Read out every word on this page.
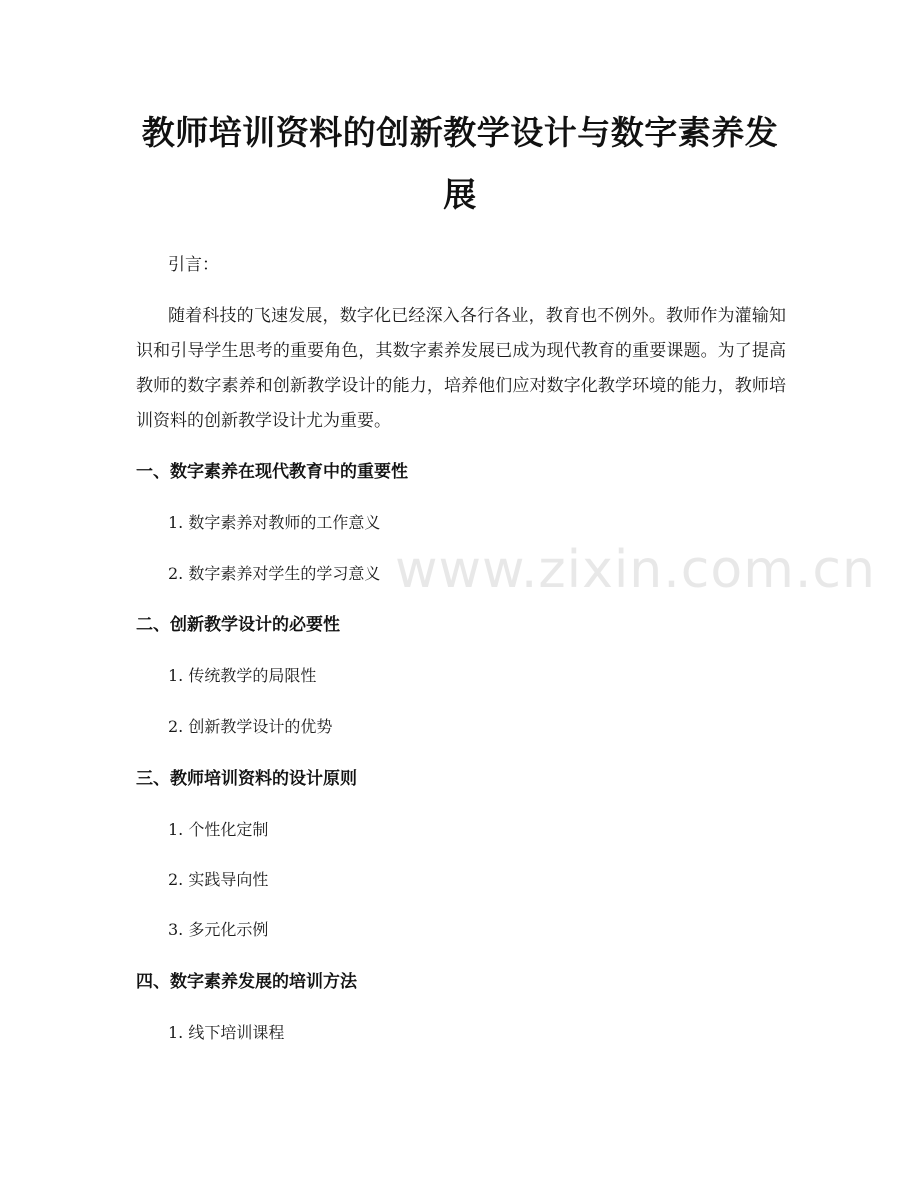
教师培训资料的创新教学设计与数字素养发展
引言：
随着科技的飞速发展，数字化已经深入各行各业，教育也不例外。教师作为灌输知识和引导学生思考的重要角色，其数字素养发展已成为现代教育的重要课题。为了提高教师的数字素养和创新教学设计的能力，培养他们应对数字化教学环境的能力，教师培训资料的创新教学设计尤为重要。
一、数字素养在现代教育中的重要性
1. 数字素养对教师的工作意义
2. 数字素养对学生的学习意义
二、创新教学设计的必要性
1. 传统教学的局限性
2. 创新教学设计的优势
三、教师培训资料的设计原则
1. 个性化定制
2. 实践导向性
3. 多元化示例
四、数字素养发展的培训方法
1. 线下培训课程
www.zixin.com.cn
